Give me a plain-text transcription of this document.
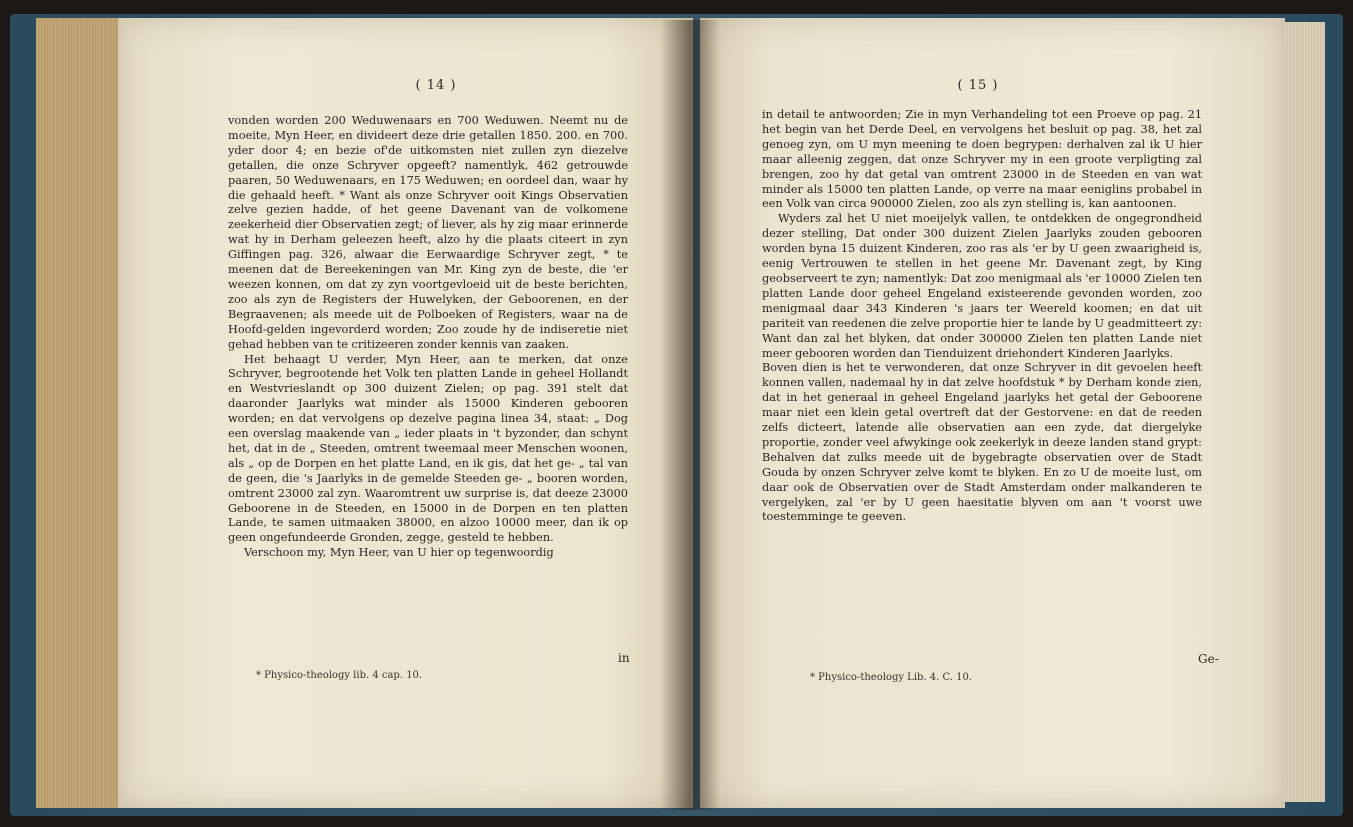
( 14 )

vonden worden 200 Weduwenaars en 700 Weduwen. Neemt nu de moeite, Myn Heer, en divideert deze drie getallen 1850. 200. en 700. yder door 4; en bezie of'de uitkomsten niet zullen zyn diezelve getallen, die onze Schryver opgeeft? namentlyk, 462 getrouwde paaren, 50 Weduwenaars, en 175 Weduwen; en oordeel dan, waar hy die gehaald heeft. * Want als onze Schryver ooit Kings Observatien zelve gezien hadde, of het geene Davenant van de volkomene zeekerheid dier Observatien zegt; of liever, als hy zig maar erinnerde wat hy in Derham geleezen heeft, alzo hy die plaats citeert in zyn Giffingen pag. 326, alwaar die Eerwaardige Schryver zegt, * te meenen dat de Bereekeningen van Mr. King zyn de beste, die 'er weezen konnen, om dat zy zyn voortgevloeid uit de beste berichten, zoo als zyn de Registers der Huwelyken, der Geboorenen, en der Begraavenen; als meede uit de Polboeken of Registers, waar na de Hoofd-gelden ingevorderd worden; Zoo zoude hy de indiseretie niet gehad hebben van te critizeeren zonder kennis van zaaken.

Het behaagt U verder, Myn Heer, aan te merken, dat onze Schryver, begrootende het Volk ten platten Lande in geheel Hollandt en Westvrieslandt op 300 duizent Zielen; op pag. 391 stelt dat daaronder Jaarlyks wat minder als 15000 Kinderen gebooren worden; en dat vervolgens op dezelve pagina linea 34, staat: „ Dog een overslag maakende van „ ieder plaats in 't byzonder, dan schynt het, dat in de „ Steeden, omtrent tweemaal meer Menschen woonen, als „ op de Dorpen en het platte Land, en ik gis, dat het ge- „ tal van de geen, die 's Jaarlyks in de gemelde Steeden ge- „ booren worden, omtrent 23000 zal zyn. Waaromtrent uw surprise is, dat deeze 23000 Geboorene in de Steeden, en 15000 in de Dorpen en ten platten Lande, te samen uitmaaken 38000, en alzoo 10000 meer, dan ik op geen ongefundeerde Gronden, zegge, gesteld te hebben.

Verschoon my, Myn Heer, van U hier op tegenwoordig

in
* Physico-theology lib. 4 cap. 10.
( 15 )

in detail te antwoorden; Zie in myn Verhandeling tot een Proeve op pag. 21 het begin van het Derde Deel, en vervolgens het besluit op pag. 38, het zal genoeg zyn, om U myn meening te doen begrypen: derhalven zal ik U hier maar alleenig zeggen, dat onze Schryver my in een groote verpligting zal brengen, zoo hy dat getal van omtrent 23000 in de Steeden en van wat minder als 15000 ten platten Lande, op verre na maar eeniglins probabel in een Volk van circa 900000 Zielen, zoo als zyn stelling is, kan aantoonen.

Wyders zal het U niet moeijelyk vallen, te ontdekken de ongegrondheid dezer stelling, Dat onder 300 duizent Zielen Jaarlyks zouden gebooren worden byna 15 duizent Kinderen, zoo ras als 'er by U geen zwaarigheid is, eenig Vertrouwen te stellen in het geene Mr. Davenant zegt, by King geobserveert te zyn; namentlyk: Dat zoo menigmaal als 'er 10000 Zielen ten platten Lande door geheel Engeland existeerende gevonden worden, zoo menigmaal daar 343 Kinderen 's jaars ter Weereld koomen; en dat uit pariteit van reedenen die zelve proportie hier te lande by U geadmitteert zy: Want dan zal het blyken, dat onder 300000 Zielen ten platten Lande niet meer gebooren worden dan Tienduizent driehondert Kinderen Jaarlyks.

Boven dien is het te verwonderen, dat onze Schryver in dit gevoelen heeft konnen vallen, nademaal hy in dat zelve hoofdstuk * by Derham konde zien, dat in het generaal in geheel Engeland jaarlyks het getal der Geboorene maar niet een klein getal overtreft dat der Gestorvene: en dat de reeden zelfs dicteert, latende alle observatien aan een zyde, dat diergelyke proportie, zonder veel afwykinge ook zeekerlyk in deeze landen stand grypt: Behalven dat zulks meede uit de bygebragte observatien over de Stadt Gouda by onzen Schryver zelve komt te blyken. En zo U de moeite lust, om daar ook de Observatien over de Stadt Amsterdam onder malkanderen te vergelyken, zal 'er by U geen haesitatie blyven om aan 't voorst uwe toestemminge te geeven.

Ge-
* Physico-theology Lib. 4. C. 10.
